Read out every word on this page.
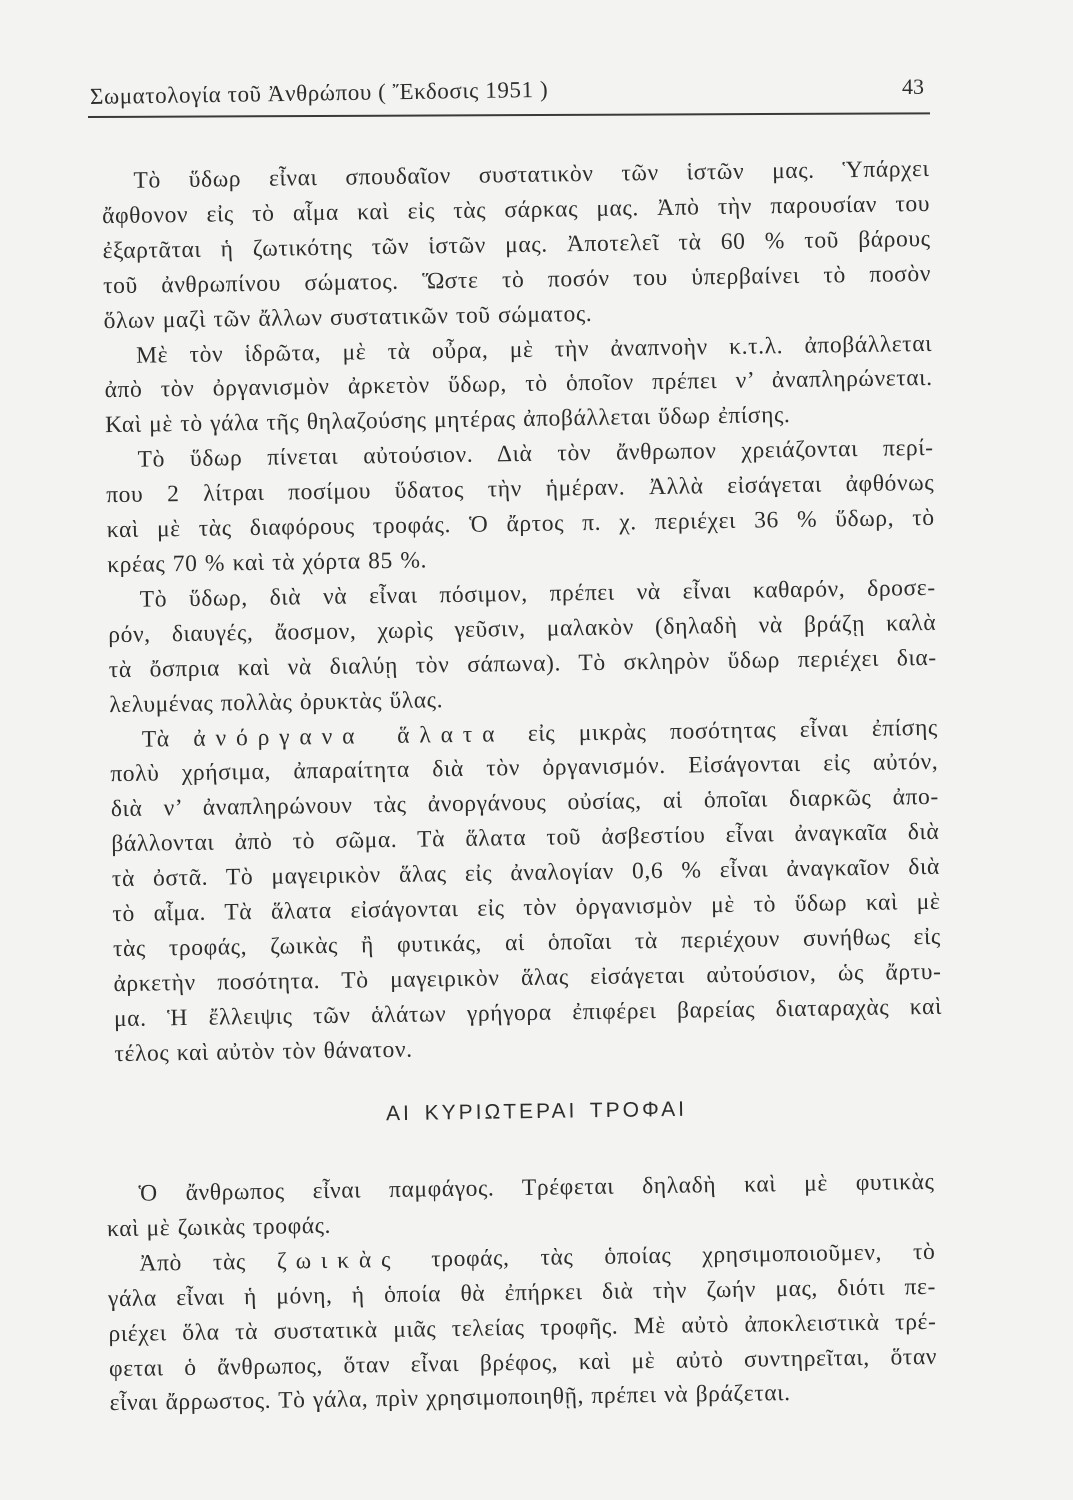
Σωματολογία τοῦ Ἀνθρώπου ( Ἔκδοσις 1951 )	43
Τὸ ὕδωρ εἶναι σπουδαῖον συστατικὸν τῶν ἱστῶν μας. Ὑπάρχει
ἄφθονον εἰς τὸ αἷμα καὶ εἰς τὰς σάρκας μας. Ἀπὸ τὴν παρουσίαν του
ἐξαρτᾶται ἡ ζωτικότης τῶν ἱστῶν μας. Ἀποτελεῖ τὰ 60 % τοῦ βάρους
τοῦ ἀνθρωπίνου σώματος. Ὥστε τὸ ποσόν του ὑπερβαίνει τὸ ποσὸν
ὅλων μαζὶ τῶν ἄλλων συστατικῶν τοῦ σώματος.
Μὲ τὸν ἱδρῶτα, μὲ τὰ οὖρα, μὲ τὴν ἀναπνοὴν κ.τ.λ. ἀποβάλλεται
ἀπὸ τὸν ὀργανισμὸν ἀρκετὸν ὕδωρ, τὸ ὁποῖον πρέπει ν’ ἀναπληρώνεται.
Καὶ μὲ τὸ γάλα τῆς θηλαζούσης μητέρας ἀποβάλλεται ὕδωρ ἐπίσης.
Τὸ ὕδωρ πίνεται αὐτούσιον. Διὰ τὸν ἄνθρωπον χρειάζονται περί-
που 2 λίτραι ποσίμου ὕδατος τὴν ἡμέραν. Ἀλλὰ εἰσάγεται ἀφθόνως
καὶ μὲ τὰς διαφόρους τροφάς. Ὁ ἄρτος π. χ. περιέχει 36 % ὕδωρ, τὸ
κρέας 70 % καὶ τὰ χόρτα 85 %.
Τὸ ὕδωρ, διὰ νὰ εἶναι πόσιμον, πρέπει νὰ εἶναι καθαρόν, δροσε-
ρόν, διαυγές, ἄοσμον, χωρὶς γεῦσιν, μαλακὸν (δηλαδὴ νὰ βράζῃ καλὰ
τὰ ὄσπρια καὶ νὰ διαλύῃ τὸν σάπωνα). Τὸ σκληρὸν ὕδωρ περιέχει δια-
λελυμένας πολλὰς ὀρυκτὰς ὕλας.
Τὰ ἀνόργανα ἅλατα εἰς μικρὰς ποσότητας εἶναι ἐπίσης
πολὺ χρήσιμα, ἀπαραίτητα διὰ τὸν ὀργανισμόν. Εἰσάγονται εἰς αὐτόν,
διὰ ν’ ἀναπληρώνουν τὰς ἀνοργάνους οὐσίας, αἱ ὁποῖαι διαρκῶς ἀπο-
βάλλονται ἀπὸ τὸ σῶμα. Τὰ ἅλατα τοῦ ἀσβεστίου εἶναι ἀναγκαῖα διὰ
τὰ ὀστᾶ. Τὸ μαγειρικὸν ἅλας εἰς ἀναλογίαν 0,6 % εἶναι ἀναγκαῖον διὰ
τὸ αἷμα. Τὰ ἅλατα εἰσάγονται εἰς τὸν ὀργανισμὸν μὲ τὸ ὕδωρ καὶ μὲ
τὰς τροφάς, ζωικὰς ἢ φυτικάς, αἱ ὁποῖαι τὰ περιέχουν συνήθως εἰς
ἀρκετὴν ποσότητα. Τὸ μαγειρικὸν ἅλας εἰσάγεται αὐτούσιον, ὡς ἄρτυ-
μα. Ἡ ἔλλειψις τῶν ἁλάτων γρήγορα ἐπιφέρει βαρείας διαταραχὰς καὶ
τέλος καὶ αὐτὸν τὸν θάνατον.
ΑΙ ΚΥΡΙΩΤΕΡΑΙ ΤΡΟΦΑΙ
Ὁ ἄνθρωπος εἶναι παμφάγος. Τρέφεται δηλαδὴ καὶ μὲ φυτικὰς
καὶ μὲ ζωικὰς τροφάς.
Ἀπὸ τὰς ζωικὰς τροφάς, τὰς ὁποίας χρησιμοποιοῦμεν, τὸ
γάλα εἶναι ἡ μόνη, ἡ ὁποία θὰ ἐπήρκει διὰ τὴν ζωήν μας, διότι πε-
ριέχει ὅλα τὰ συστατικὰ μιᾶς τελείας τροφῆς. Μὲ αὐτὸ ἀποκλειστικὰ τρέ-
φεται ὁ ἄνθρωπος, ὅταν εἶναι βρέφος, καὶ μὲ αὐτὸ συντηρεῖται, ὅταν
εἶναι ἄρρωστος. Τὸ γάλα, πρὶν χρησιμοποιηθῇ, πρέπει νὰ βράζεται.
